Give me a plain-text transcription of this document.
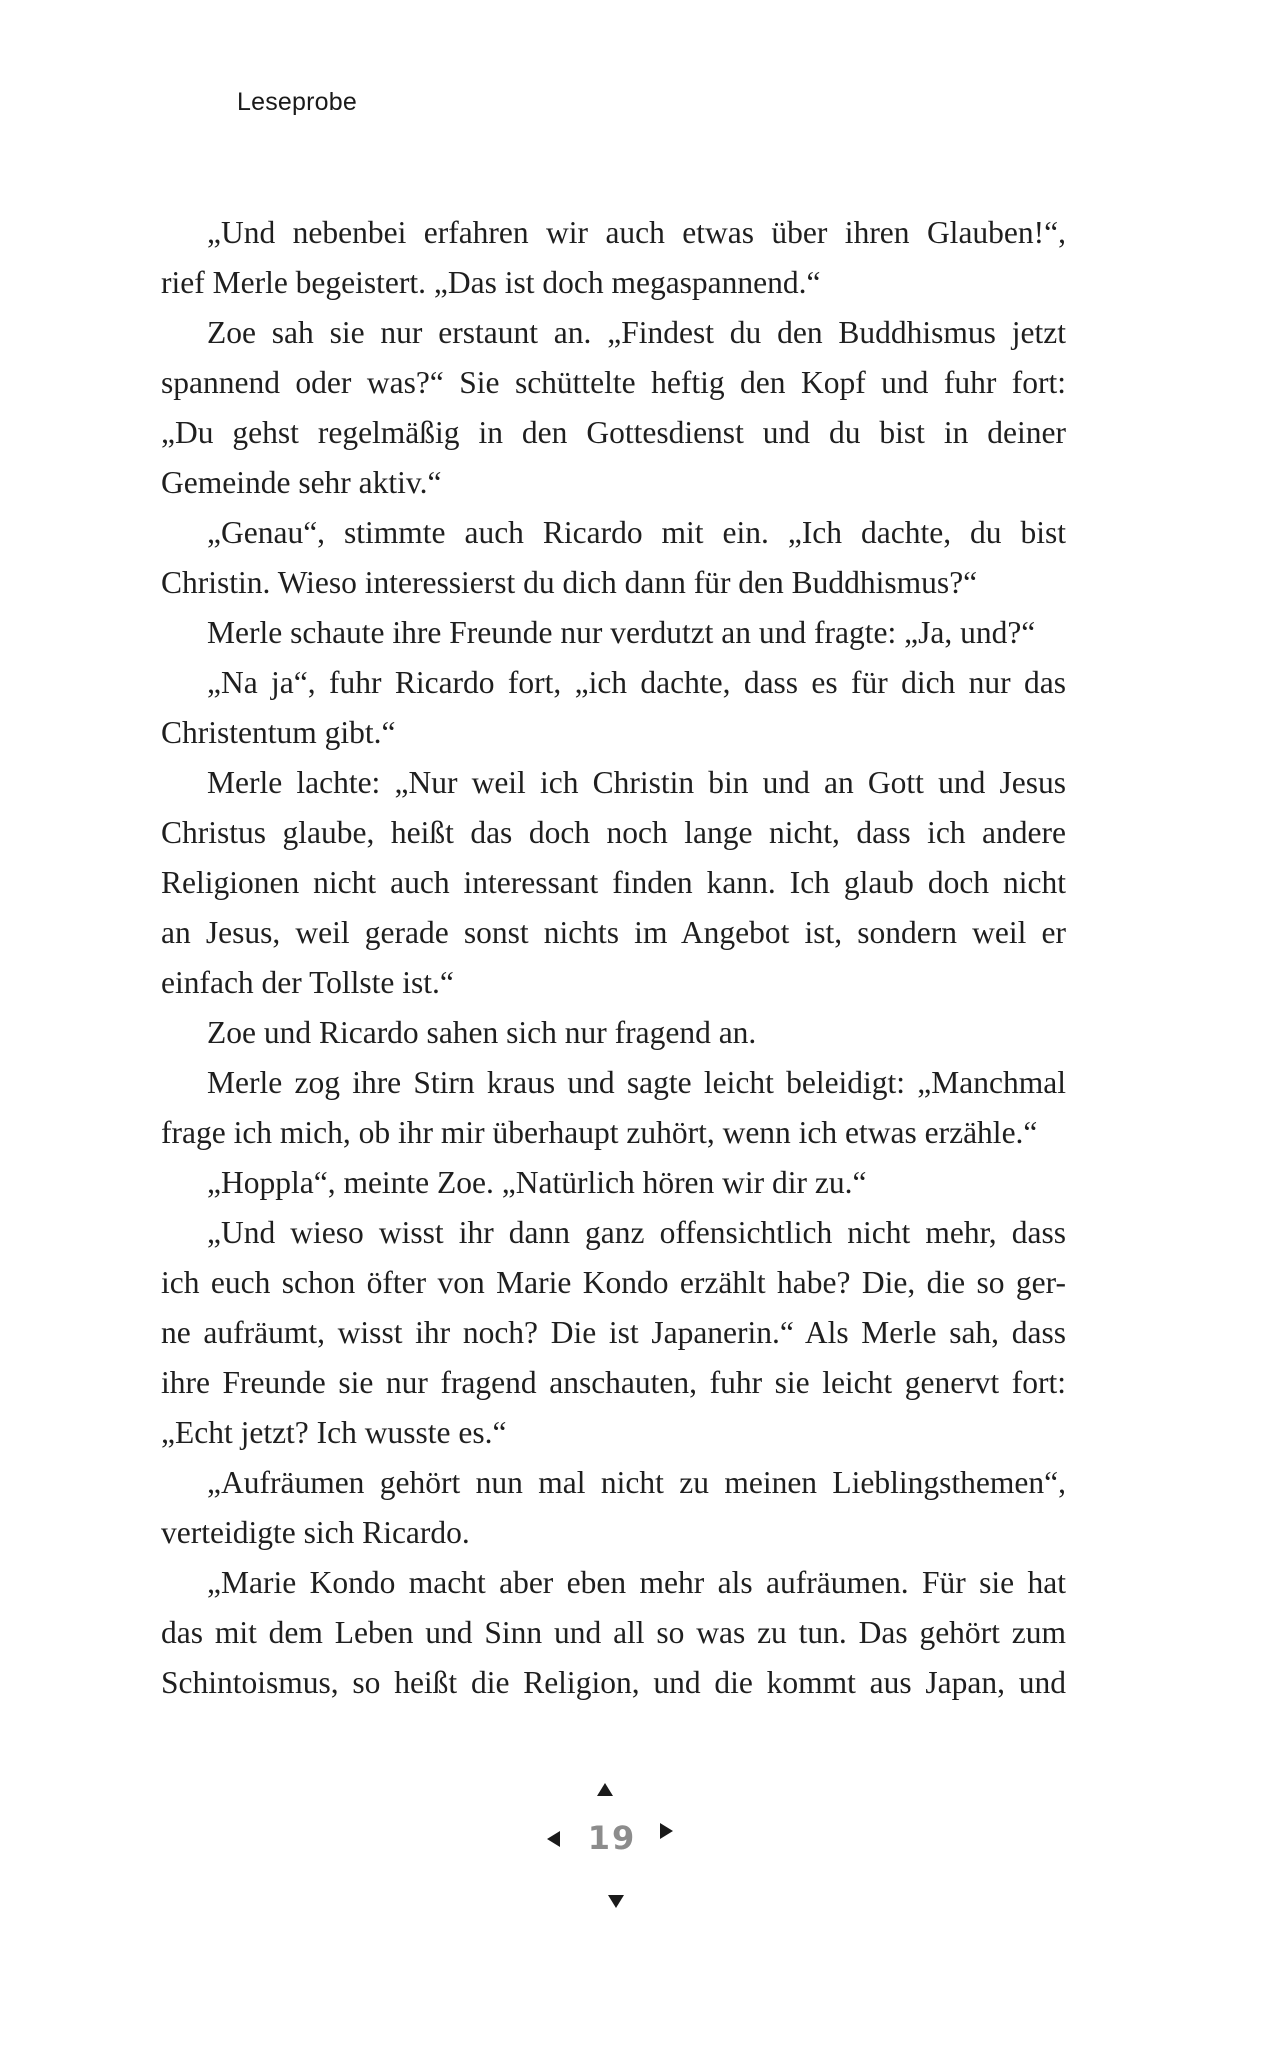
Leseprobe
„Und nebenbei erfahren wir auch etwas über ihren Glauben!“,
rief Merle begeistert. „Das ist doch megaspannend.“
Zoe sah sie nur erstaunt an. „Findest du den Buddhismus jetzt
spannend oder was?“ Sie schüttelte heftig den Kopf und fuhr fort:
„Du gehst regelmäßig in den Gottesdienst und du bist in deiner
Gemeinde sehr aktiv.“
„Genau“, stimmte auch Ricardo mit ein. „Ich dachte, du bist
Christin. Wieso interessierst du dich dann für den Buddhismus?“
Merle schaute ihre Freunde nur verdutzt an und fragte: „Ja, und?“
„Na ja“, fuhr Ricardo fort, „ich dachte, dass es für dich nur das
Christentum gibt.“
Merle lachte: „Nur weil ich Christin bin und an Gott und Jesus
Christus glaube, heißt das doch noch lange nicht, dass ich andere
Religionen nicht auch interessant finden kann. Ich glaub doch nicht
an Jesus, weil gerade sonst nichts im Angebot ist, sondern weil er
einfach der Tollste ist.“
Zoe und Ricardo sahen sich nur fragend an.
Merle zog ihre Stirn kraus und sagte leicht beleidigt: „Manchmal
frage ich mich, ob ihr mir überhaupt zuhört, wenn ich etwas erzähle.“
„Hoppla“, meinte Zoe. „Natürlich hören wir dir zu.“
„Und wieso wisst ihr dann ganz offensichtlich nicht mehr, dass
ich euch schon öfter von Marie Kondo erzählt habe? Die, die so ger-
ne aufräumt, wisst ihr noch? Die ist Japanerin.“ Als Merle sah, dass
ihre Freunde sie nur fragend anschauten, fuhr sie leicht genervt fort:
„Echt jetzt? Ich wusste es.“
„Aufräumen gehört nun mal nicht zu meinen Lieblingsthemen“,
verteidigte sich Ricardo.
„Marie Kondo macht aber eben mehr als aufräumen. Für sie hat
das mit dem Leben und Sinn und all so was zu tun. Das gehört zum
Schintoismus, so heißt die Religion, und die kommt aus Japan, und
19
